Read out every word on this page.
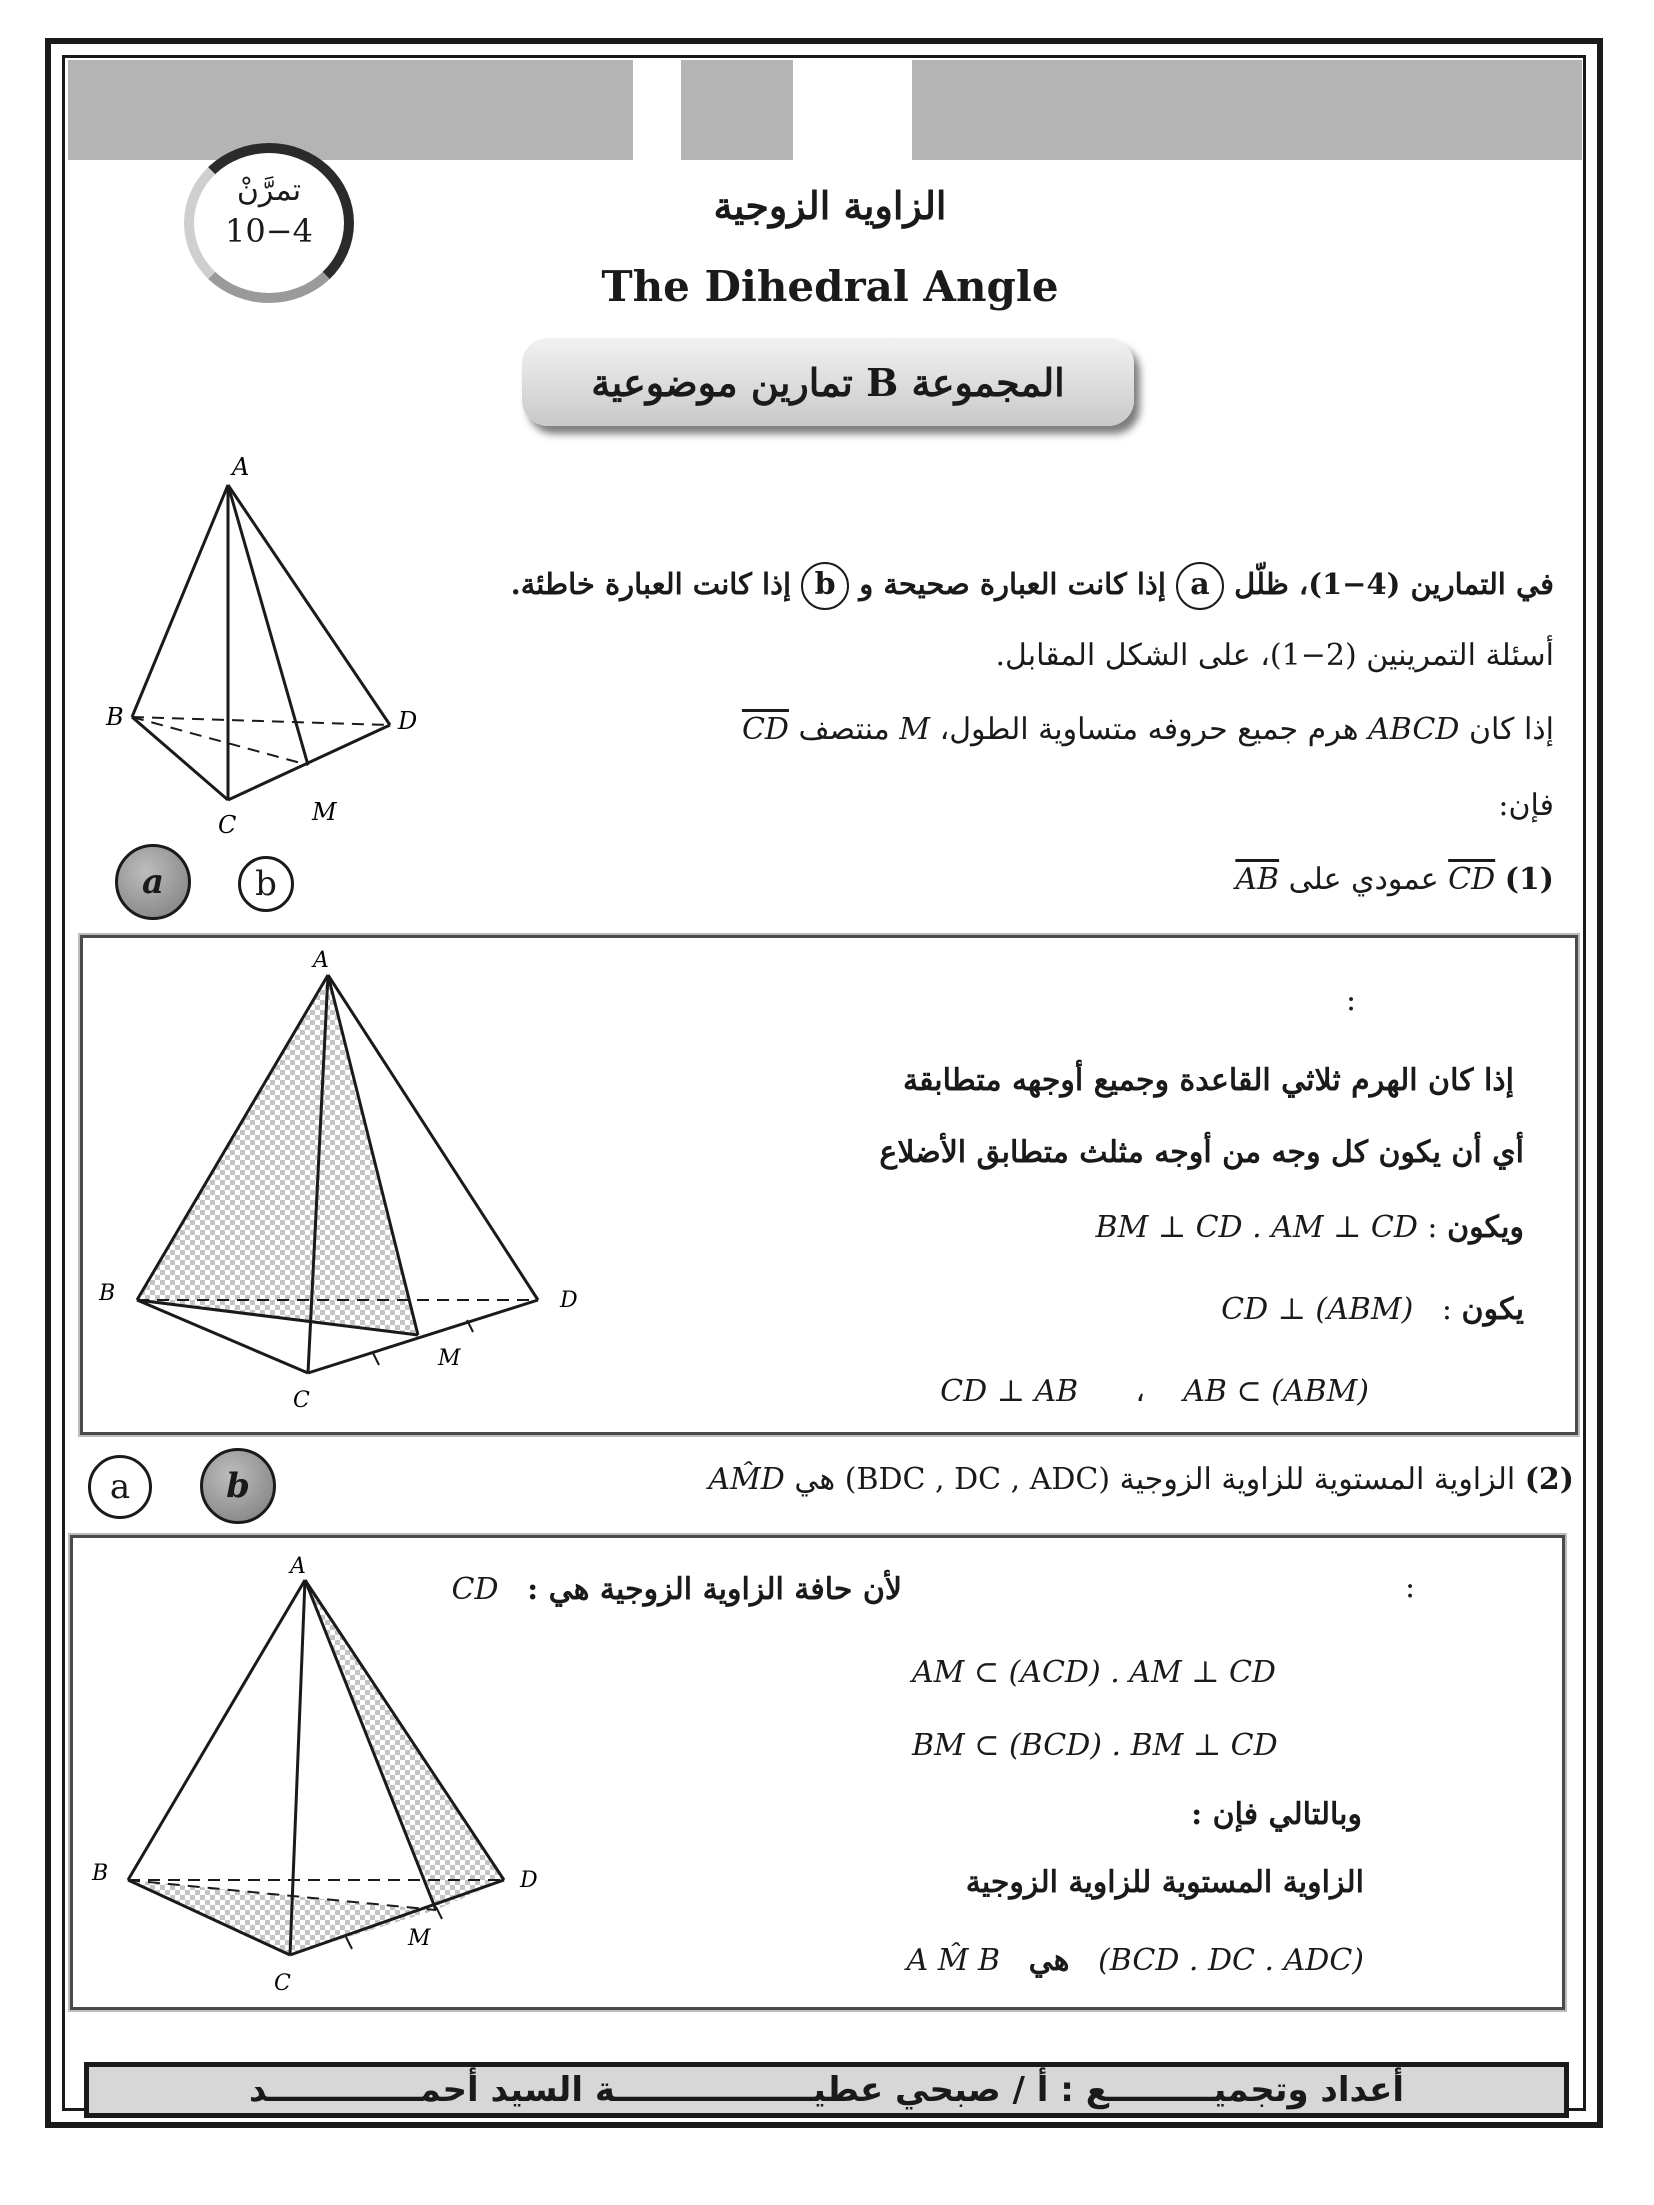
تمرَّنْ
10−4
الزاوية الزوجية
The Dihedral Angle
المجموعة B تمارين موضوعية
A
B	D
C	M
في التمارين (4−1)، ظلّل a إذا كانت العبارة صحيحة و b إذا كانت العبارة خاطئة.
أسئلة التمرينين (2−1)، على الشكل المقابل.
إذا كان ABCD هرم جميع حروفه متساوية الطول، M منتصف $\overline{CD}$
فإن:
a	b	(1) $\overline{CD}$ عمودي على $\overline{AB}$
A
B	D
C
M
:
إذا كان الهرم ثلاثي القاعدة وجميع أوجهه متطابقة
أي أن يكون كل وجه من أوجه مثلث متطابق الأضلاع
ويكون : BM ⊥ CD . AM ⊥ CD
يكون :   CD ⊥ (ABM)
AB ⊂ (ABM)    ،      CD ⊥ AB
a	b	(2) الزاوية المستوية للزاوية الزوجية (BDC , DC , ADC) هي AM̂D
A
B	D
C
M
:
لأن حافة الزاوية الزوجية هي :   CD
AM ⊂ (ACD) . AM ⊥ CD
BM ⊂ (BCD) . BM ⊥ CD
وبالتالي فإن :
الزاوية المستوية للزاوية الزوجية
(BCD . DC . ADC)   هي   A M̂ B
أعداد وتجميـــــــــع : أ / صبحي عطيـــــــــــــــــة السيد أحمـــــــــــــد
